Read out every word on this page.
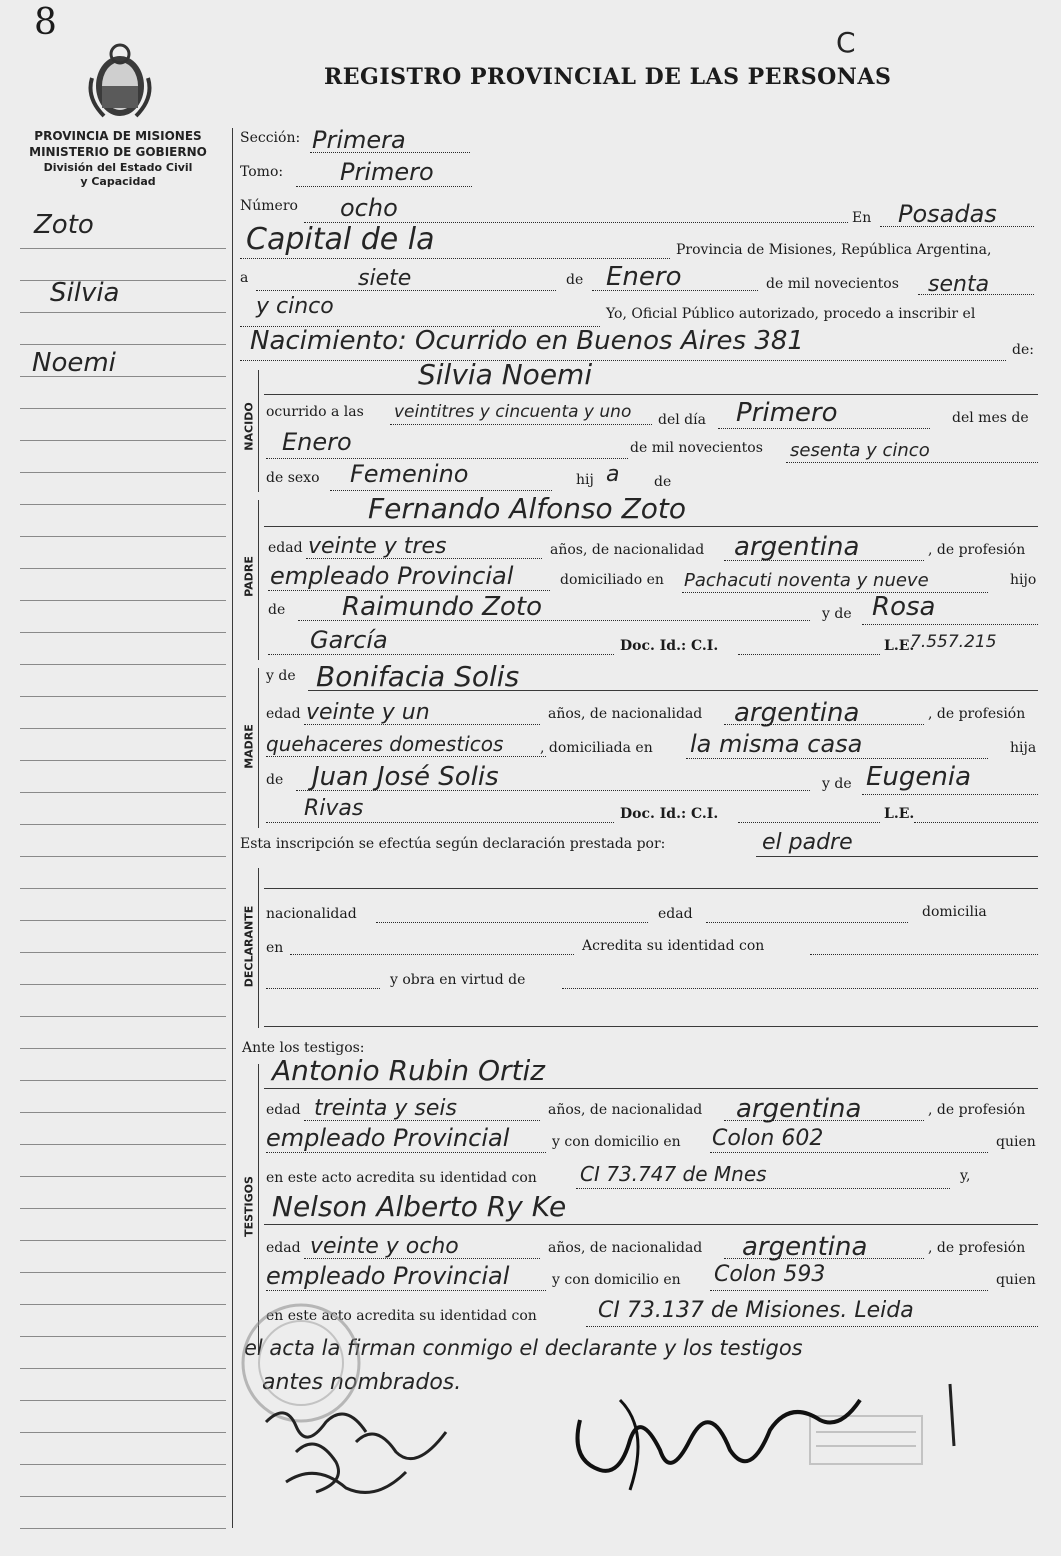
8	C
REGISTRO PROVINCIAL DE LAS PERSONAS
PROVINCIA DE MISIONES
MINISTERIO DE GOBIERNO
División del Estado Civil
y Capacidad
Zoto
Silvia
Noemi
NACIDO
PADRE
MADRE
DECLARANTE
TESTIGOS
Sección: Primera
Tomo: Primero
Número ocho	En Posadas
Capital de la	Provincia de Misiones, República Argentina,
a	siete	de Enero	de mil novecientos senta
y cinco	Yo, Oficial Público autorizado, procedo a inscribir el
Nacimiento: Ocurrido en Buenos Aires 381	de:
Silvia Noemi
ocurrido a las veintitres y cincuenta y uno del día Primero	del mes de
Enero	de mil novecientos sesenta y cinco
de sexo Femenino	hij a de
Fernando Alfonso Zoto
edad veinte y tres	años, de nacionalidad argentina	, de profesión
empleado Provincial	domiciliado en Pachacuti noventa y nueve	hijo
de Raimundo Zoto	y de Rosa
García	Doc. Id.: C.I.	L.E.
7.557.215
y de Bonifacia Solis
edad veinte y un	años, de nacionalidad argentina	, de profesión
quehaceres domesticos	, domiciliada en la misma casa	hija
de Juan José Solis	y de Eugenia
Rivas	Doc. Id.: C.I.	L.E.
Esta inscripción se efectúa según declaración prestada por:	el padre
nacionalidad	edad	domicilia
en	Acredita su identidad con
y obra en virtud de
Ante los testigos:
Antonio Rubin Ortiz
edad treinta y seis	años, de nacionalidad argentina	, de profesión
empleado Provincial	y con domicilio en Colon 602	quien
en este acto acredita su identidad con CI 73.747 de Mnes	y,
Nelson Alberto Ry Ke
edad veinte y ocho	años, de nacionalidad argentina	, de profesión
empleado Provincial	y con domicilio en Colon 593	quien
en este acto acredita su identidad con	CI 73.137 de Misiones. Leida
el acta la firman conmigo el declarante y los testigos
antes nombrados.
